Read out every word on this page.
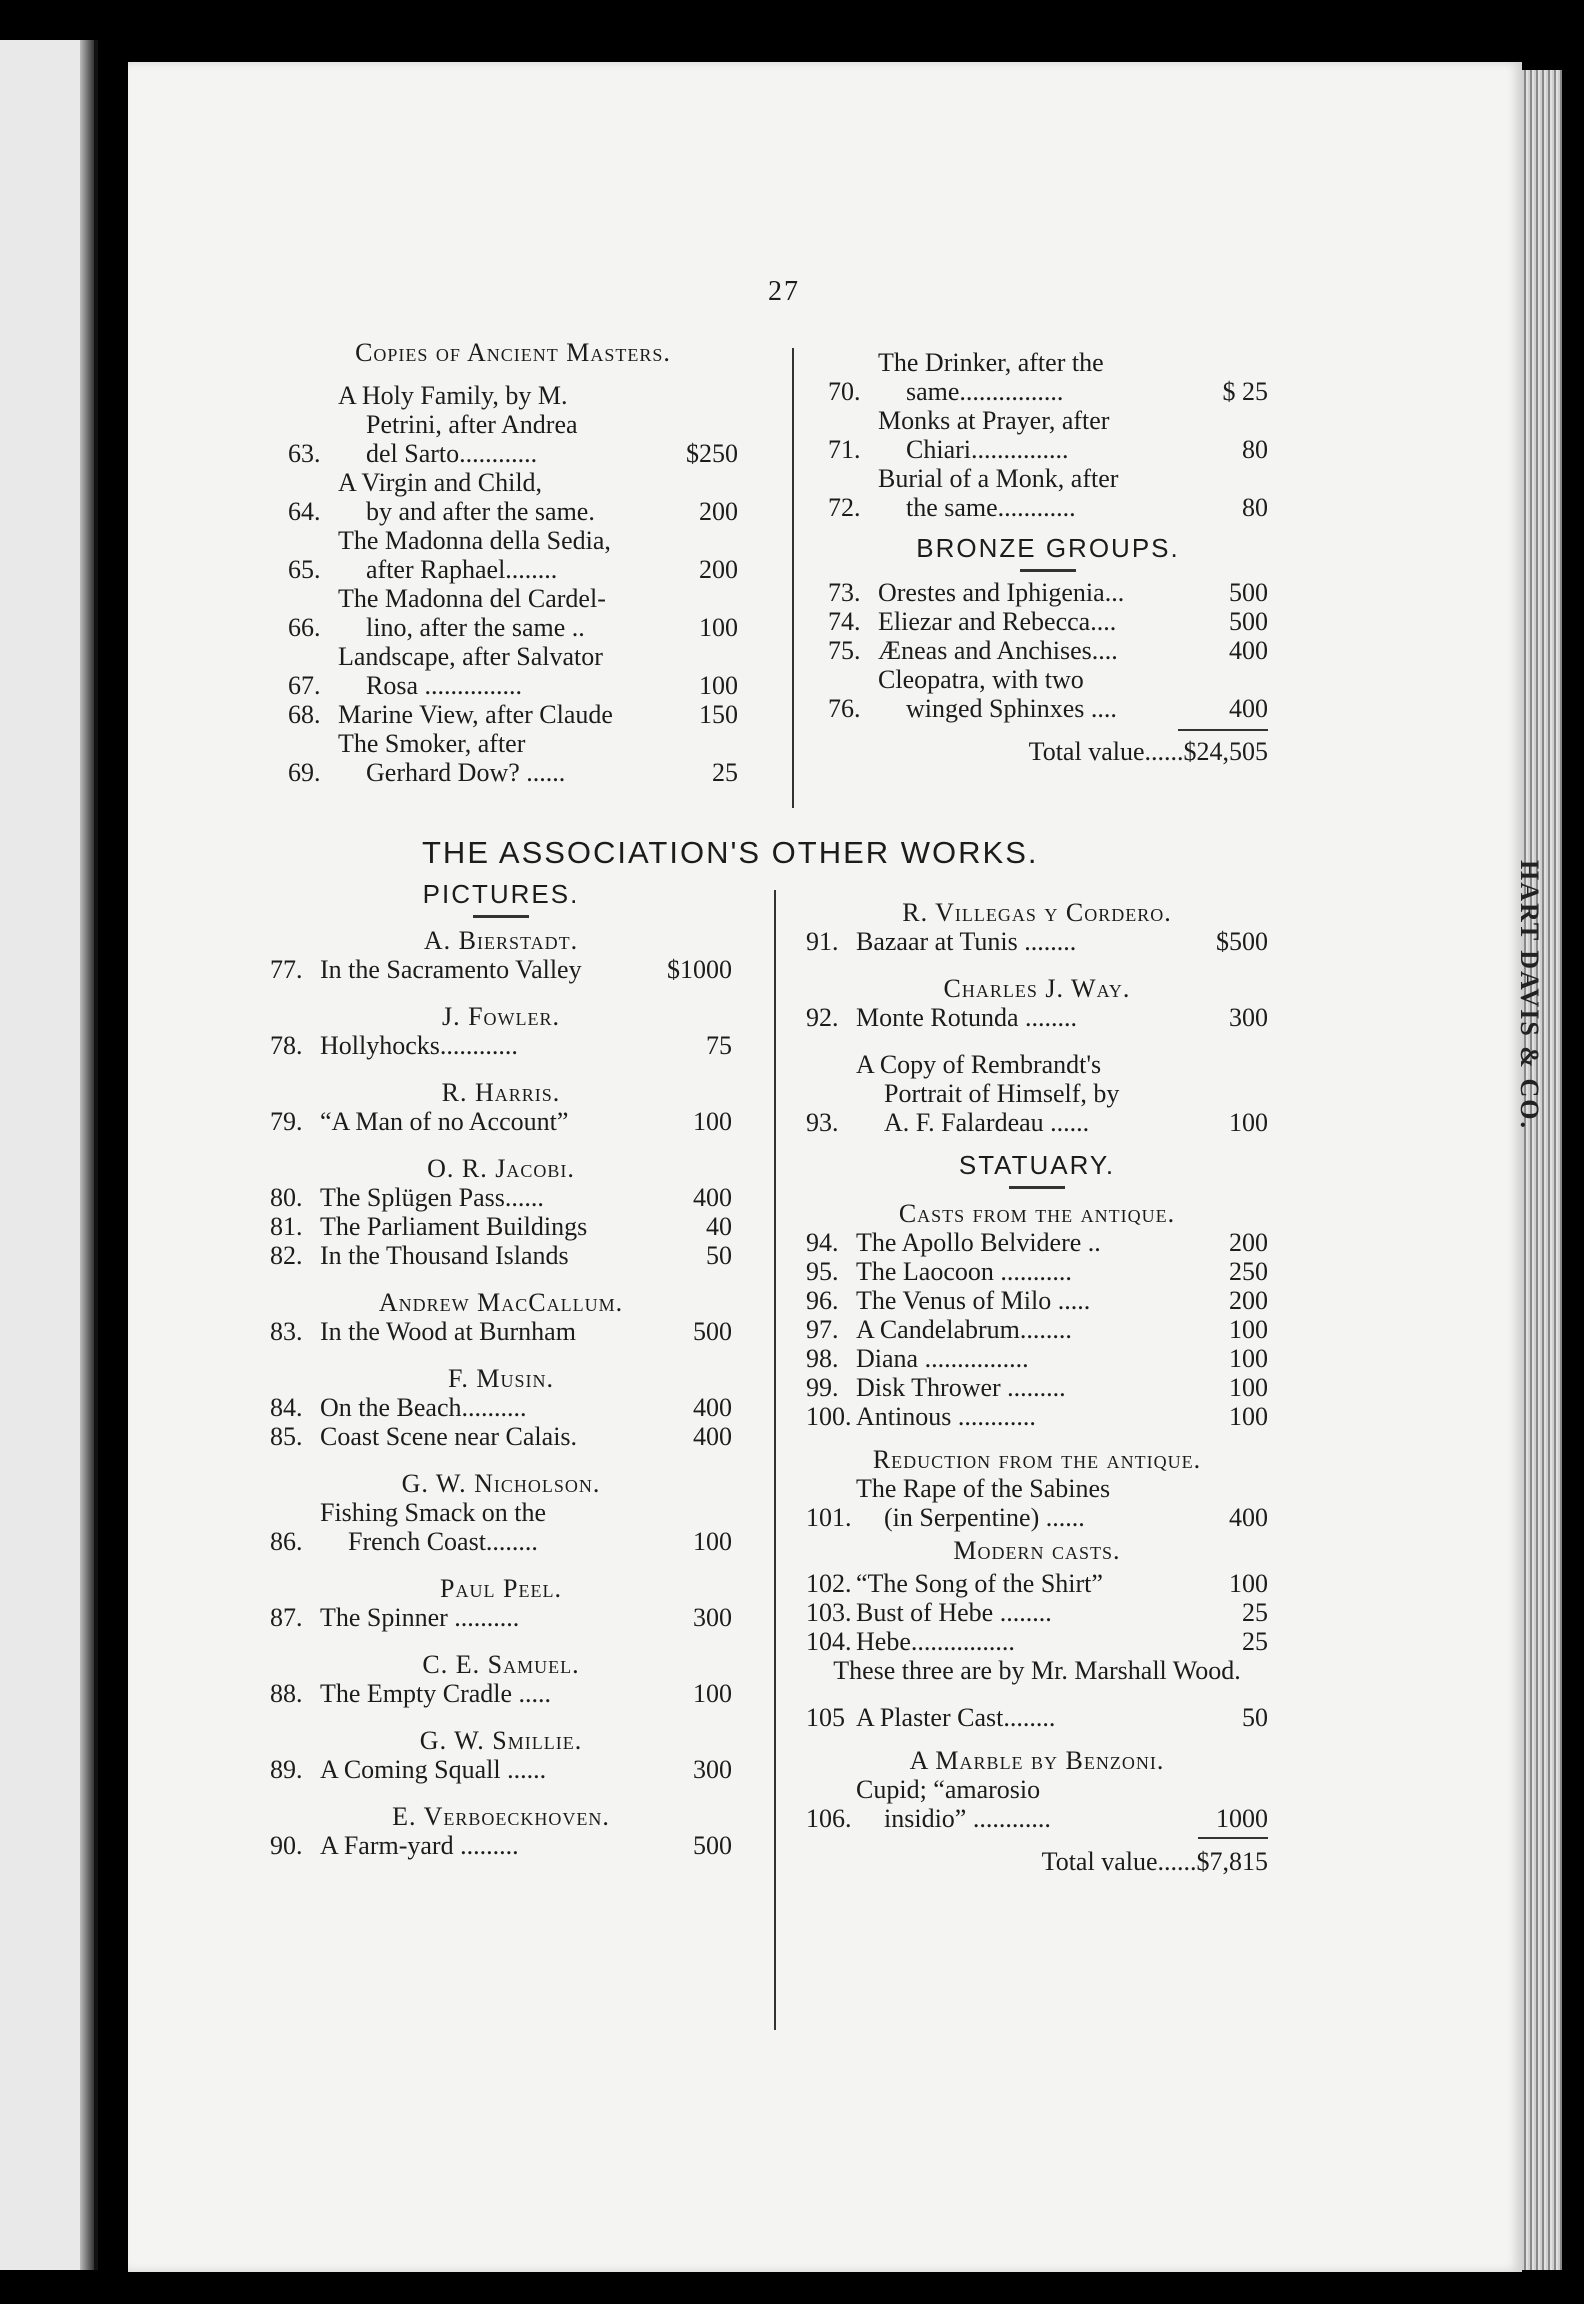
HART DAVIS & CO.
27
Copies of Ancient Masters.
63.
A Holy Family, by M.
Petrini, after Andrea
del Sarto............	$250
64.
A Virgin and Child,
by and after the same.	200
65.
The Madonna della Sedia,
after Raphael........	200
66.
The Madonna del Cardel-
lino, after the same ..	100
67.
Landscape, after Salvator
Rosa ...............	100
68. Marine View, after Claude	150
69.
The Smoker, after
Gerhard Dow? ......	25
70.
The Drinker, after the
same................	$ 25
71.
Monks at Prayer, after
Chiari...............	80
72.
Burial of a Monk, after
the same............	80
BRONZE GROUPS.
73. Orestes and Iphigenia...	500
74. Eliezar and Rebecca....	500
75. Æneas and Anchises....	400
76.
Cleopatra, with two
winged Sphinxes ....	400
Total value......$24,505
THE ASSOCIATION'S OTHER WORKS.
PICTURES.
A. Bierstadt.
77. In the Sacramento Valley	$1000
J. Fowler.
78. Hollyhocks............	75
R. Harris.
79. “A Man of no Account”	100
O. R. Jacobi.
80. The Splügen Pass......	400
81. The Parliament Buildings	40
82. In the Thousand Islands	50
Andrew MacCallum.
83. In the Wood at Burnham	500
F. Musin.
84. On the Beach..........	400
85. Coast Scene near Calais.	400
G. W. Nicholson.
86.
Fishing Smack on the
French Coast........	100
Paul Peel.
87. The Spinner ..........	300
C. E. Samuel.
88. The Empty Cradle .....	100
G. W. Smillie.
89. A Coming Squall ......	300
E. Verboeckhoven.
90. A Farm-yard .........	500
R. Villegas y Cordero.
91. Bazaar at Tunis ........	$500
Charles J. Way.
92. Monte Rotunda ........	300
93.
A Copy of Rembrandt's
Portrait of Himself, by
A. F. Falardeau ......	100
STATUARY.
Casts from the antique.
94. The Apollo Belvidere ..	200
95. The Laocoon ...........	250
96. The Venus of Milo .....	200
97. A Candelabrum........	100
98. Diana ................	100
99. Disk Thrower .........	100
100. Antinous ............	100
Reduction from the antique.
101.
The Rape of the Sabines
(in Serpentine) ......	400
Modern casts.
102. “The Song of the Shirt”	100
103. Bust of Hebe ........	25
104. Hebe................	25
These three are by Mr. Marshall Wood.
105 A Plaster Cast........	50
A Marble by Benzoni.
106.
Cupid; “amarosio
insidio” ............	1000
Total value......$7,815
